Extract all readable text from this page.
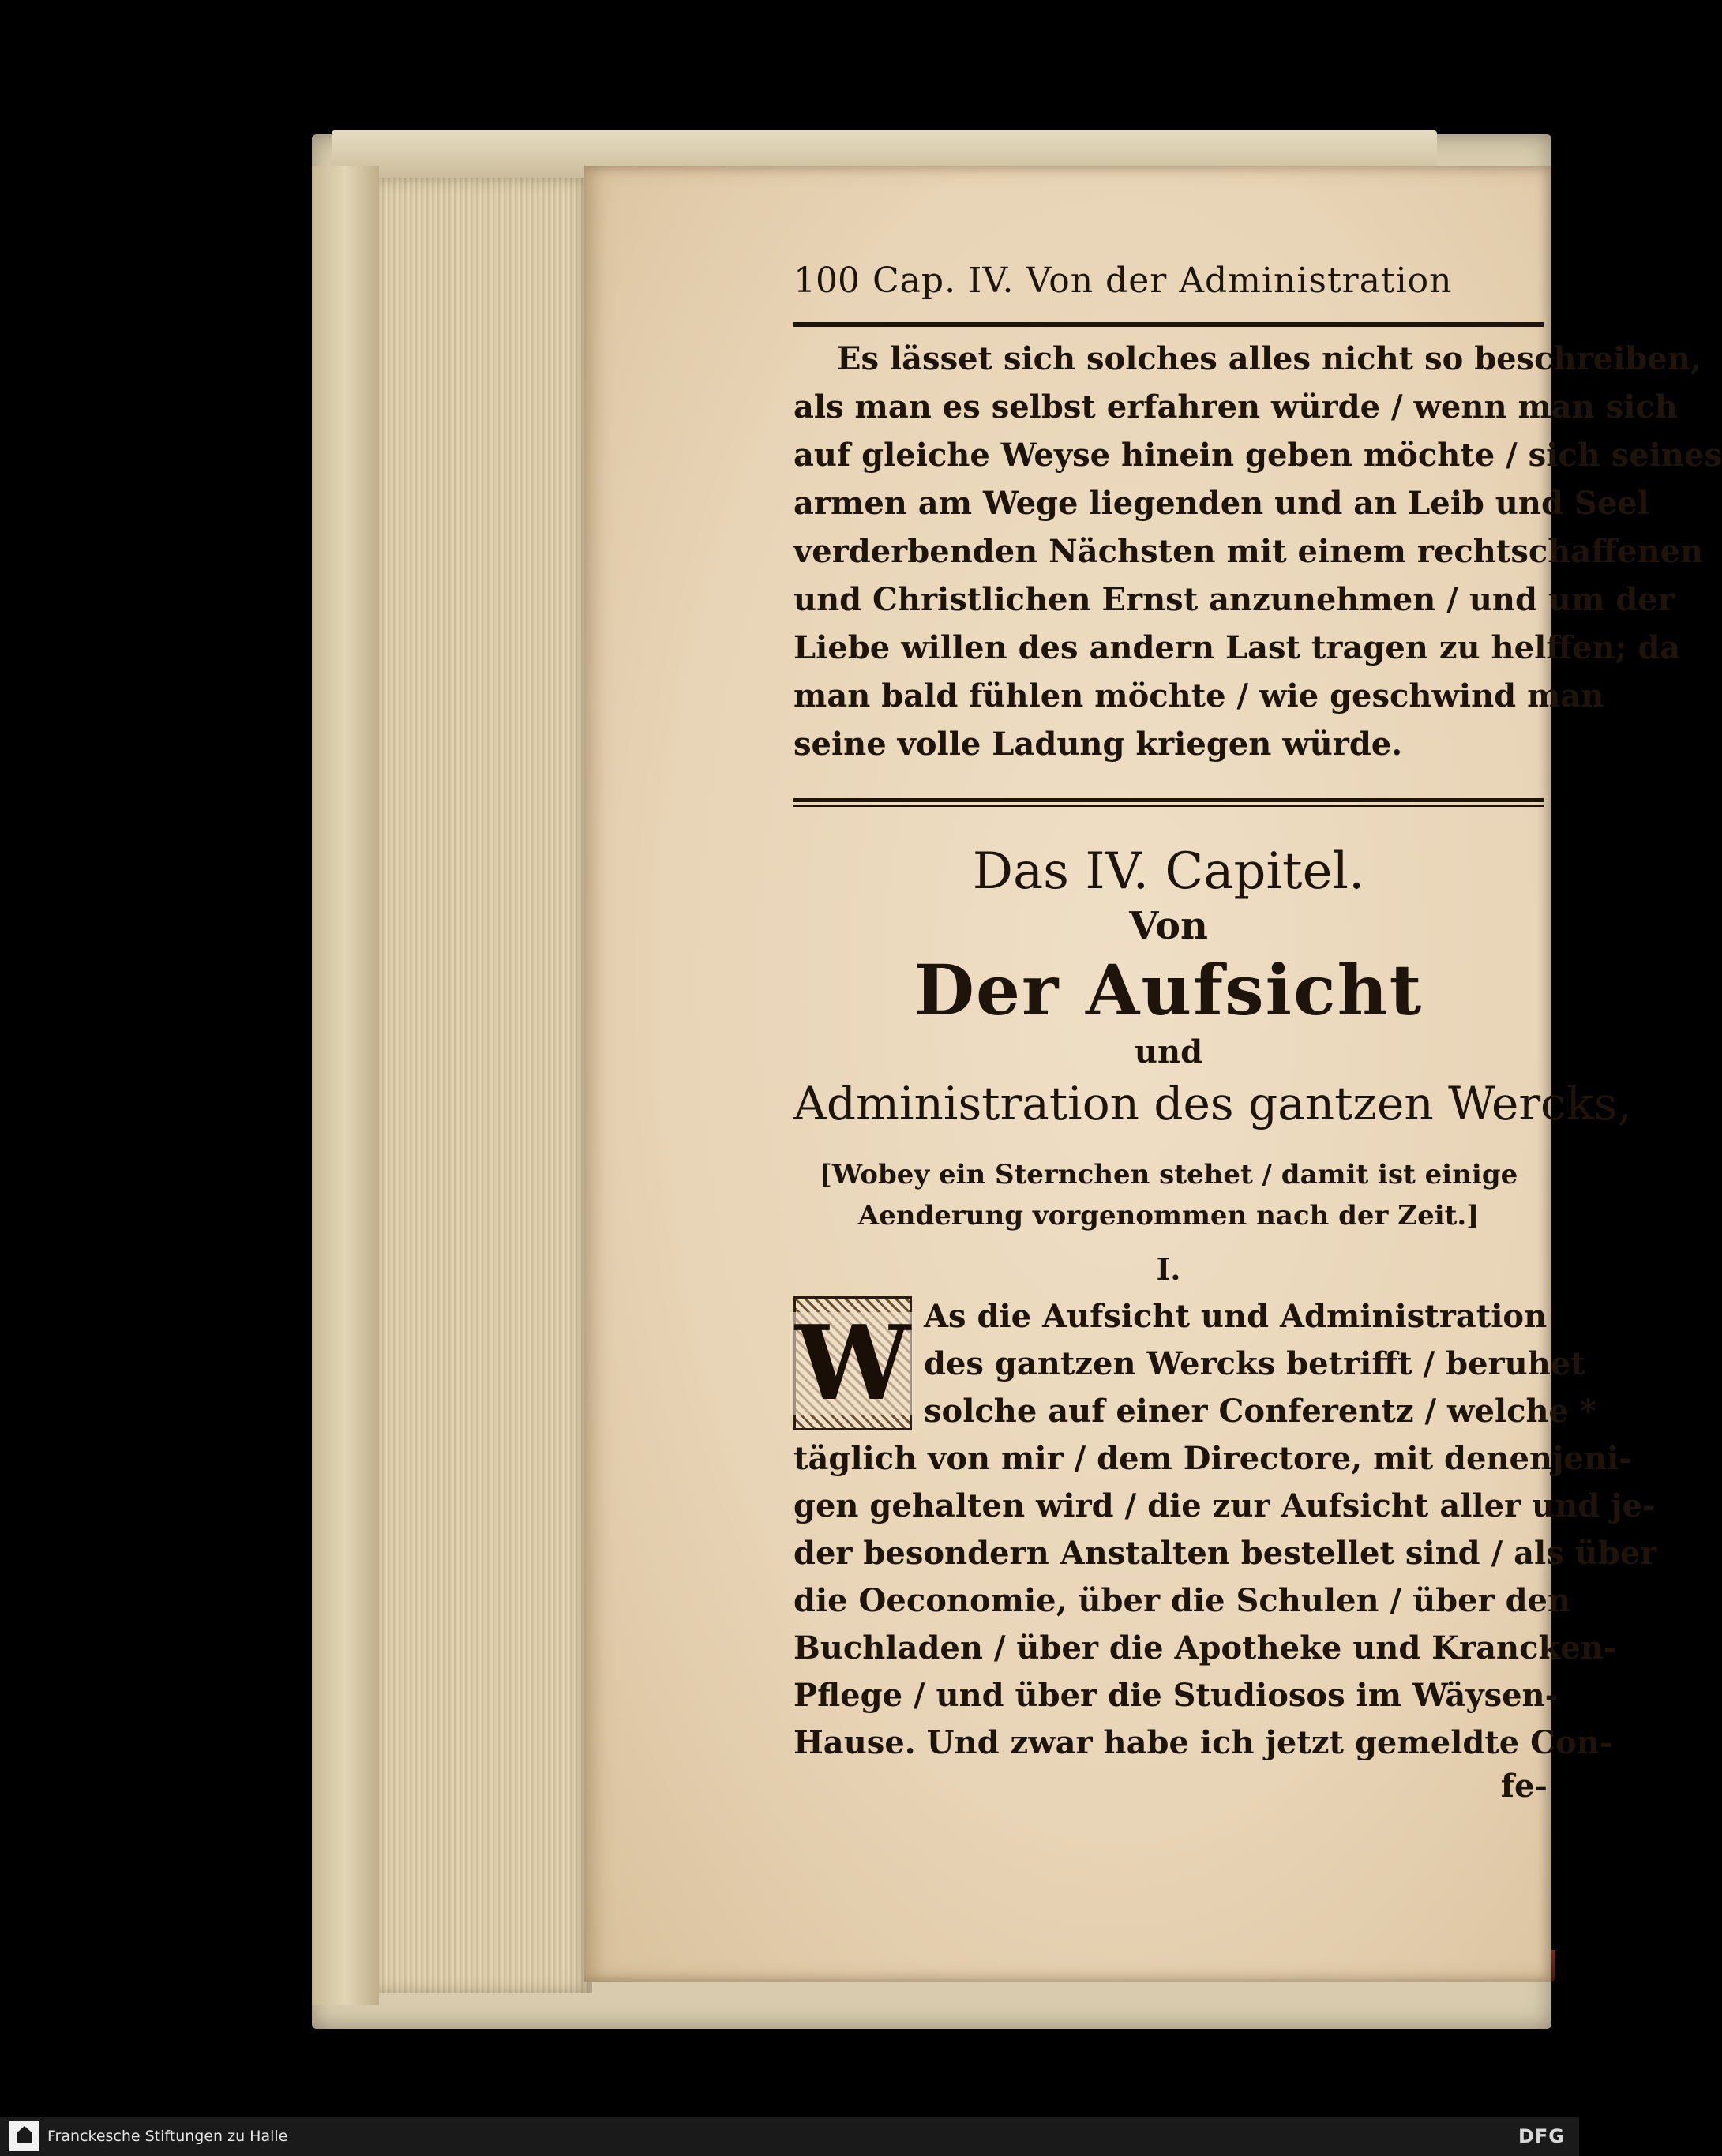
100 Cap. IV. Von der Administration
Es lässet sich solches alles nicht so beschreiben,
als man es selbst erfahren würde / wenn man sich
auf gleiche Weyse hinein geben möchte / sich seines
armen am Wege liegenden und an Leib und Seel
verderbenden Nächsten mit einem rechtschaffenen
und Christlichen Ernst anzunehmen / und um der
Liebe willen des andern Last tragen zu helffen; da
man bald fühlen möchte / wie geschwind man
seine volle Ladung kriegen würde.
Das IV. Capitel.
Von
Der Aufsicht
und
Administration des gantzen Wercks,
[Wobey ein Sternchen stehet / damit ist einige
Aenderung vorgenommen nach der Zeit.]
I.
W As die Aufsicht und Administration
des gantzen Wercks betrifft / beruhet
solche auf einer Conferentz / welche *
täglich von mir / dem Directore, mit denenjeni-
gen gehalten wird / die zur Aufsicht aller und je-
der besondern Anstalten bestellet sind / als über
die Oeconomie, über die Schulen / über den
Buchladen / über die Apotheke und Krancken-
Pflege / und über die Studiosos im Wäysen-
Hause. Und zwar habe ich jetzt gemeldte Con-
fe-
Franckesche Stiftungen zu Halle	DFG
